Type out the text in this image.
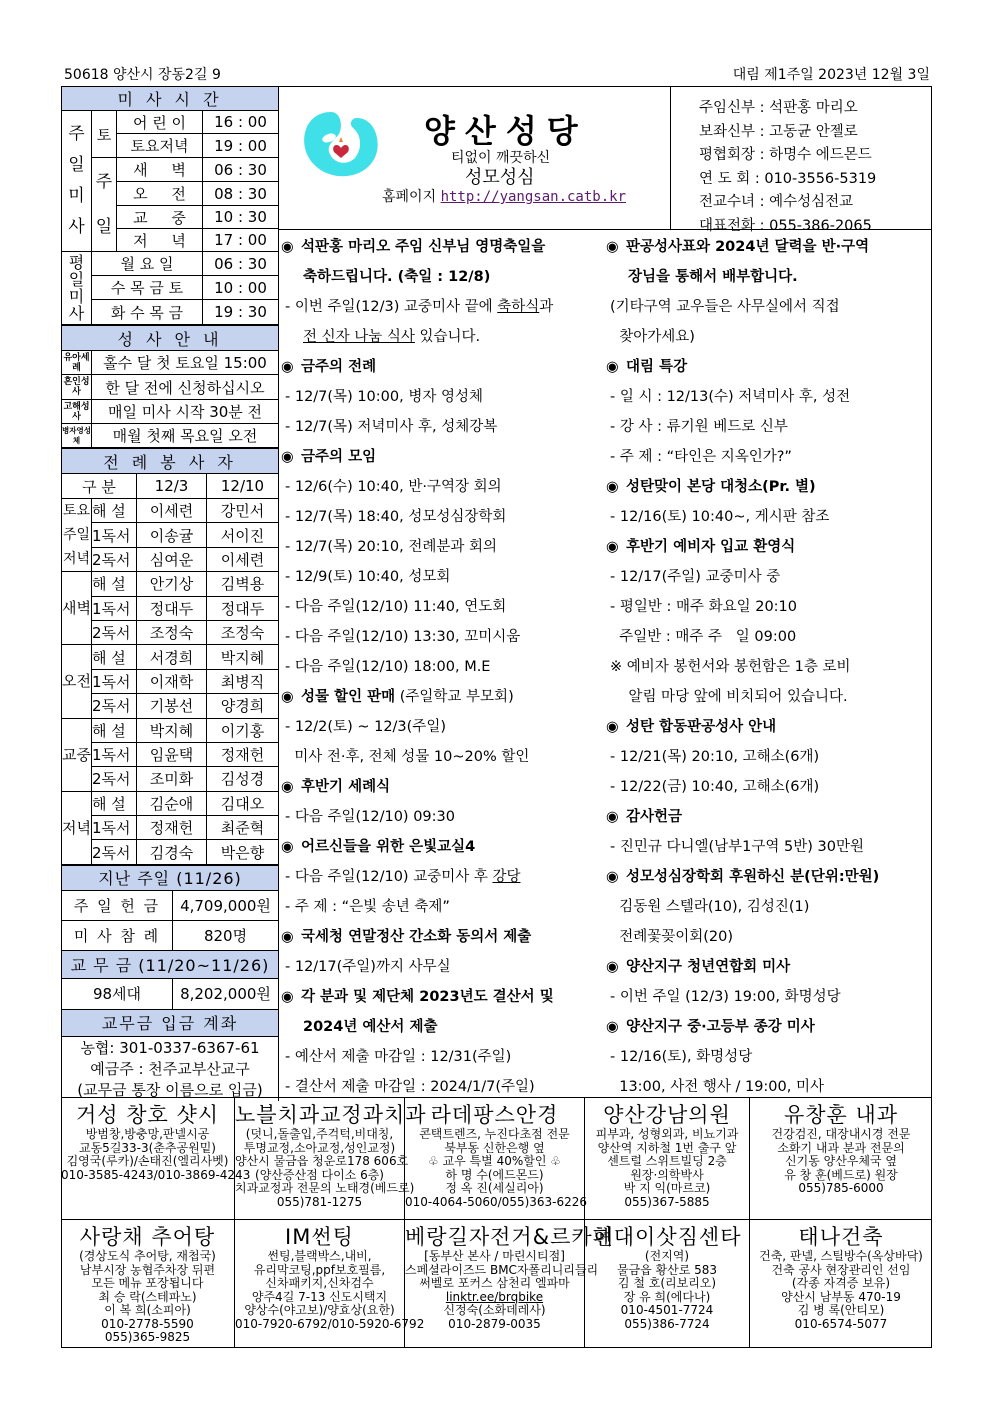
50618 양산시 장동2길 9	대림 제1주일 2023년 12월 3일
미 사 시 간			
주일미사	토	어 린 이	16 : 00
		토요저녁	19 : 00
	주일	새     벽	06 : 30
		오     전	08 : 30
		교     중	10 : 30
		저     녁	17 : 00
평일미사	월 요 일		06 : 30
	수 목 금 토		10 : 00
	화 수 목 금		19 : 30
성 사 안 내	
유아세례	홀수 달 첫 토요일 15:00
혼인성사	한 달 전에 신청하십시오
고해성사	매일 미사 시작 30분 전
병자영성체	매월 첫째 목요일 오전
전 례 봉 사 자			
구 분		12/3	12/10
토요주일저녁	해 설	이세련	강민서
	1독서	이송귤	서이진
	2독서	심여운	이세련
새벽	해 설	안기상	김벽용
	1독서	정대두	정대두
	2독서	조정숙	조정숙
오전	해 설	서경희	박지혜
	1독서	이재학	최병직
	2독서	기봉선	양경희
교중	해 설	박지혜	이기홍
	1독서	임윤택	정재헌
	2독서	조미화	김성경
저녁	해 설	김순애	김대오
	1독서	정재헌	최준혁
	2독서	김경숙	박은향
지난 주일 (11/26)	
주 일 헌 금	4,709,000원
미 사 참 례	820명
교 무 금 (11/20~11/26)	
98세대	8,202,000원
교무금 입금 계좌	

농협: 301-0337-6367-61
예금주 : 천주교부산교구
(교무금 통장 이름으로 입금)	
양산성당
티없이 깨끗하신
성모성심
홈페이지 http://yangsan.catb.kr
주임신부 : 석판홍 마리오
보좌신부 : 고동균 안젤로
평협회장 : 하명수 에드몬드
연 도 회 : 010-3556-5319
전교수녀 : 예수성심전교
대표전화 : 055-386-2065
◉ 석판홍 마리오 주임 신부님 영명축일을
축하드립니다. (축일 : 12/8)
- 이번 주일(12/3) 교중미사 끝에 축하식과
전 신자 나눔 식사 있습니다.
◉ 금주의 전례
- 12/7(목) 10:00, 병자 영성체
- 12/7(목) 저녁미사 후, 성체강복
◉ 금주의 모임
- 12/6(수) 10:40, 반·구역장 회의
- 12/7(목) 18:40, 성모성심장학회
- 12/7(목) 20:10, 전례분과 회의
- 12/9(토) 10:40, 성모회
- 다음 주일(12/10) 11:40, 연도회
- 다음 주일(12/10) 13:30, 꼬미시움
- 다음 주일(12/10) 18:00, M.E
◉ 성물 할인 판매 (주일학교 부모회)
- 12/2(토) ~ 12/3(주일)
미사 전·후, 전체 성물 10~20% 할인
◉ 후반기 세례식
- 다음 주일(12/10) 09:30
◉ 어르신들을 위한 은빛교실4
- 다음 주일(12/10) 교중미사 후 강당
- 주 제 : “은빛 송년 축제”
◉ 국세청 연말정산 간소화 동의서 제출
- 12/17(주일)까지 사무실
◉ 각 분과 및 제단체 2023년도 결산서 및
2024년 예산서 제출
- 예산서 제출 마감일 : 12/31(주일)
- 결산서 제출 마감일 : 2024/1/7(주일)
◉ 판공성사표와 2024년 달력을 반·구역
장님을 통해서 배부합니다.
(기타구역 교우들은 사무실에서 직접
찾아가세요)
◉ 대림 특강
- 일 시 : 12/13(수) 저녁미사 후, 성전
- 강 사 : 류기원 베드로 신부
- 주 제 : “타인은 지옥인가?”
◉ 성탄맞이 본당 대청소(Pr. 별)
- 12/16(토) 10:40~, 게시판 참조
◉ 후반기 예비자 입교 환영식
- 12/17(주일) 교중미사 중
- 평일반 : 매주 화요일 20:10
주일반 : 매주 주   일 09:00
※ 예비자 봉헌서와 봉헌함은 1층 로비
알림 마당 앞에 비치되어 있습니다.
◉ 성탄 합동판공성사 안내
- 12/21(목) 20:10, 고해소(6개)
- 12/22(금) 10:40, 고해소(6개)
◉ 감사헌금
- 진민규 다니엘(남부1구역 5반) 30만원
◉ 성모성심장학회 후원하신 분(단위:만원)
김동원 스텔라(10), 김성진(1)
전례꽃꽂이회(20)
◉ 양산지구 청년연합회 미사
- 이번 주일 (12/3) 19:00, 화명성당
◉ 양산지구 중·고등부 종강 미사
- 12/16(토), 화명성당
13:00, 사전 행사 / 19:00, 미사
거성 창호 샷시
방범창,방충망,판넬시공
교동5길33-3(춘추공원밑)
김영국(루카)/손태진(엘리사벳)
010-3585-4243/010-3869-4243
노블치과교정과치과
(덧니,돌출입,주걱턱,비대칭,
투명교정,소아교정,성인교정)
양산시 물금읍 청운로178 606호
(양산증산점 다이소 6층)
치과교정과 전문의 노태경(베드로)
055)781-1275
라데팡스안경
콘택트렌즈, 누진다초점 전문
북부동 신한은행 옆
♧ 교우 특별 40%할인 ♧
하 명 수(에드몬드)
정 옥 진(세실리아)
010-4064-5060/055)363-6226
양산강남의원
피부과, 성형외과, 비뇨기과
양산역 지하철 1번 출구 앞
센트럴 스위트빌딩 2층
원장·의학박사
박 지 익(마르코)
055)367-5885
유창훈 내과
건강검진, 대장내시경 전문
소화기 내과 분과 전문의
신기동 양산우체국 옆
유 창 훈(베드로) 원장
055)785-6000
사랑채 추어탕
(경상도식 추어탕, 재첩국)
남부시장 농협주차장 뒤편
모든 메뉴 포장됩니다
최 승 락(스테파노)
이 복 희(소피아)
010-2778-5590
055)365-9825
IM썬팅
썬팅,블랙박스,내비,
유리막코팅,ppf보호필름,
신차패키지,신차검수
양주4길 7-13 신도시택지
양상수(야고보)/양효상(요한)
010-7920-6792/010-5920-6792
베랑길자전거&르카페
[동부산 본사 / 마린시티점]
스페셜라이즈드 BMC자폴리니리들리
써벨로 포커스 삼천리 엘파마
linktr.ee/brqbike
신정숙(소화데레사)
010-2879-0035
현대이삿짐센타
(전지역)
물금읍 황산로 583
김 철 호(리보리오)
장 유 희(에다나)
010-4501-7724
055)386-7724
태나건축
건축, 판넬, 스틸방수(옥상바닥)
건축 공사 현장관리인 선임
(각종 자격증 보유)
양산시 남부동 470-19
김 병 록(안티모)
010-6574-5077
